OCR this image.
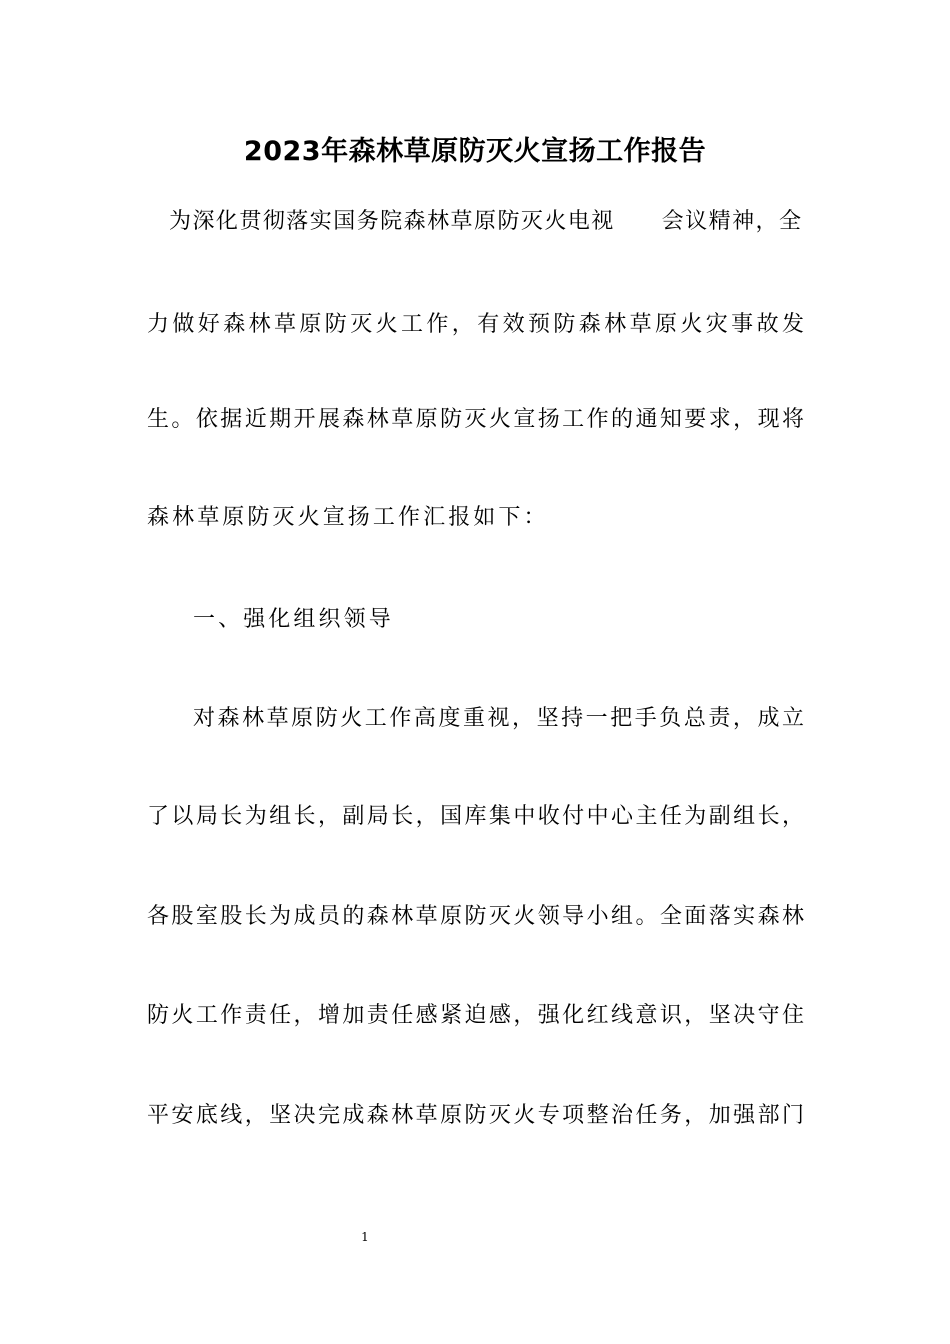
2023年森林草原防灭火宣扬工作报告
为深化贯彻落实国务院森林草原防灭火电视　　会议精神，全
力做好森林草原防灭火工作，有效预防森林草原火灾事故发
生。依据近期开展森林草原防灭火宣扬工作的通知要求，现将
森林草原防灭火宣扬工作汇报如下：
一、强化组织领导
对森林草原防火工作高度重视，坚持一把手负总责，成立
了以局长为组长，副局长，国库集中收付中心主任为副组长，
各股室股长为成员的森林草原防灭火领导小组。全面落实森林
防火工作责任，增加责任感紧迫感，强化红线意识，坚决守住
平安底线，坚决完成森林草原防灭火专项整治任务，加强部门
1
